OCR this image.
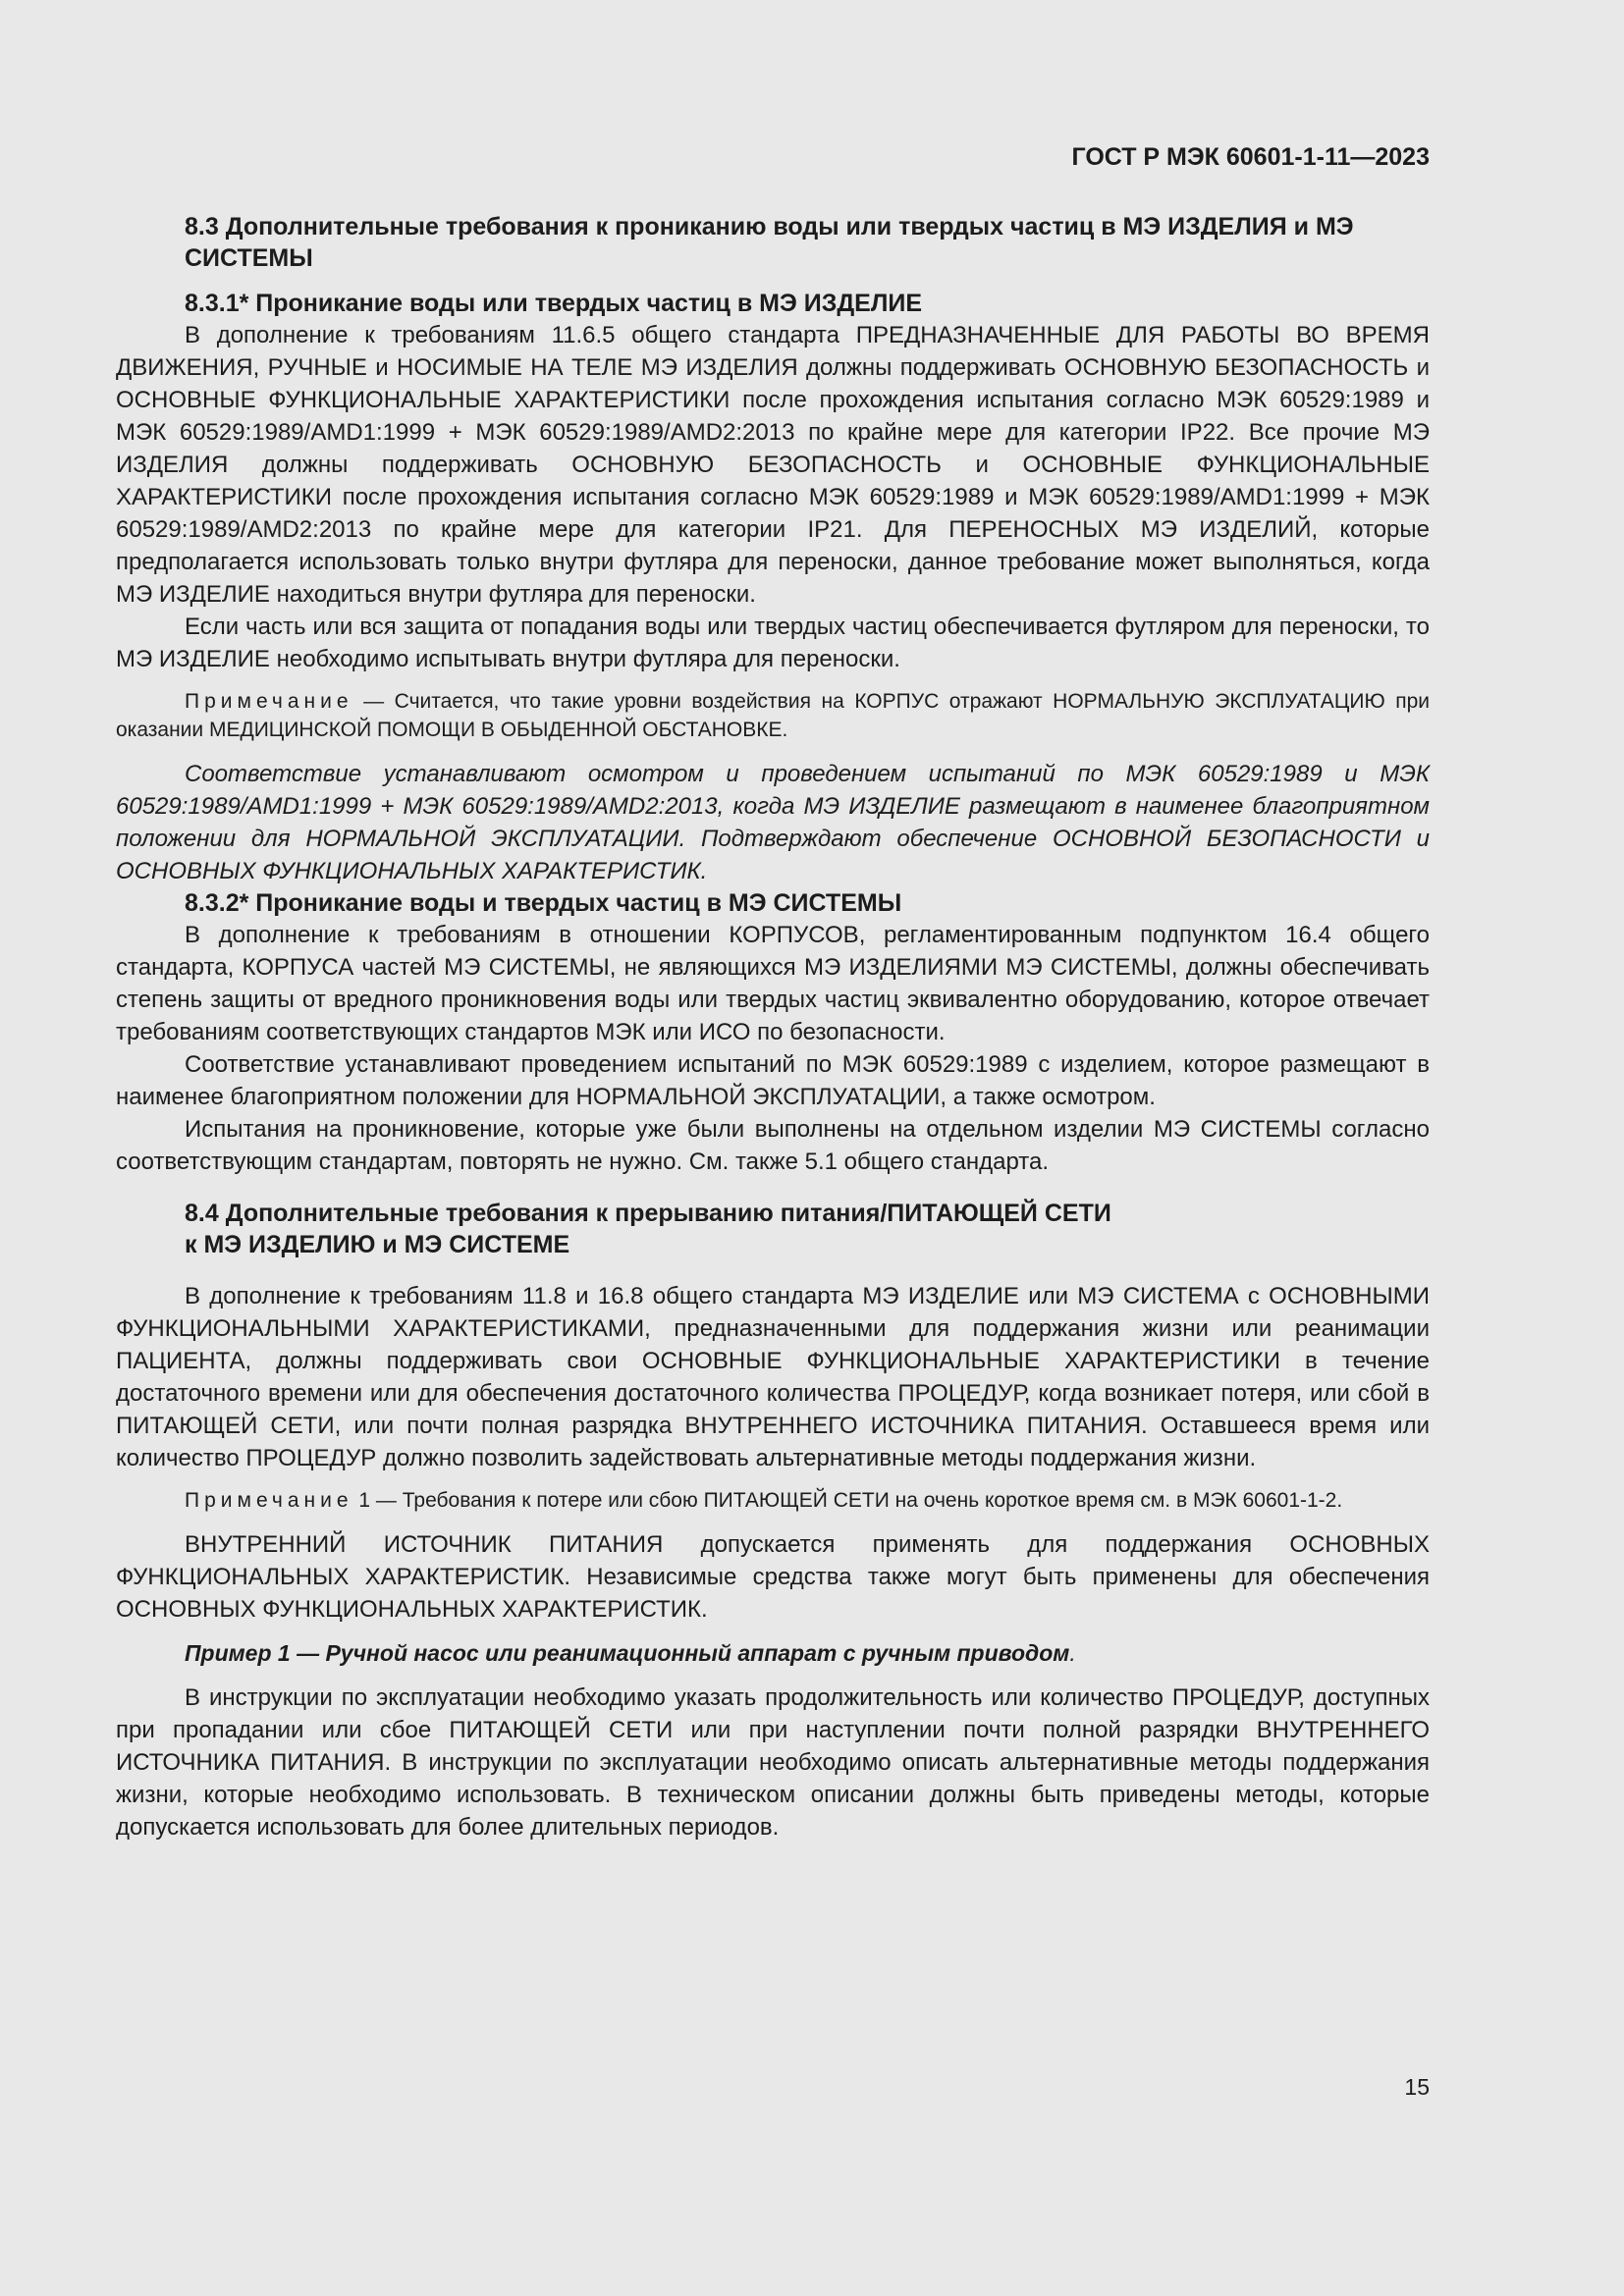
ГОСТ Р МЭК 60601-1-11—2023
8.3 Дополнительные требования к прониканию воды или твердых частиц в МЭ ИЗДЕЛИЯ и МЭ СИСТЕМЫ
8.3.1* Проникание воды или твердых частиц в МЭ ИЗДЕЛИЕ

В дополнение к требованиям 11.6.5 общего стандарта ПРЕДНАЗНАЧЕННЫЕ ДЛЯ РАБОТЫ ВО ВРЕМЯ ДВИЖЕНИЯ, РУЧНЫЕ и НОСИМЫЕ НА ТЕЛЕ МЭ ИЗДЕЛИЯ должны поддерживать ОСНОВНУЮ БЕЗОПАСНОСТЬ и ОСНОВНЫЕ ФУНКЦИОНАЛЬНЫЕ ХАРАКТЕРИСТИКИ после прохождения испытания согласно МЭК 60529:1989 и МЭК 60529:1989/AMD1:1999 + МЭК 60529:1989/AMD2:2013 по крайне мере для категории IP22. Все прочие МЭ ИЗДЕЛИЯ должны поддерживать ОСНОВНУЮ БЕЗОПАСНОСТЬ и ОСНОВНЫЕ ФУНКЦИОНАЛЬНЫЕ ХАРАКТЕРИСТИКИ после прохождения испытания согласно МЭК 60529:1989 и МЭК 60529:1989/AMD1:1999 + МЭК 60529:1989/AMD2:2013 по крайне мере для категории IP21. Для ПЕРЕНОСНЫХ МЭ ИЗДЕЛИЙ, которые предполагается использовать только внутри футляра для переноски, данное требование может выполняться, когда МЭ ИЗДЕЛИЕ находиться внутри футляра для переноски.

Если часть или вся защита от попадания воды или твердых частиц обеспечивается футляром для переноски, то МЭ ИЗДЕЛИЕ необходимо испытывать внутри футляра для переноски.

Примечание — Считается, что такие уровни воздействия на КОРПУС отражают НОРМАЛЬНУЮ ЭКСПЛУАТАЦИЮ при оказании МЕДИЦИНСКОЙ ПОМОЩИ В ОБЫДЕННОЙ ОБСТАНОВКЕ.

Соответствие устанавливают осмотром и проведением испытаний по МЭК 60529:1989 и МЭК 60529:1989/AMD1:1999 + МЭК 60529:1989/AMD2:2013, когда МЭ ИЗДЕЛИЕ размещают в наименее благоприятном положении для НОРМАЛЬНОЙ ЭКСПЛУАТАЦИИ. Подтверждают обеспечение ОСНОВНОЙ БЕЗОПАСНОСТИ и ОСНОВНЫХ ФУНКЦИОНАЛЬНЫХ ХАРАКТЕРИСТИК.

8.3.2* Проникание воды и твердых частиц в МЭ СИСТЕМЫ

В дополнение к требованиям в отношении КОРПУСОВ, регламентированным подпунктом 16.4 общего стандарта, КОРПУСА частей МЭ СИСТЕМЫ, не являющихся МЭ ИЗДЕЛИЯМИ МЭ СИСТЕМЫ, должны обеспечивать степень защиты от вредного проникновения воды или твердых частиц эквивалентно оборудованию, которое отвечает требованиям соответствующих стандартов МЭК или ИСО по безопасности.

Соответствие устанавливают проведением испытаний по МЭК 60529:1989 с изделием, которое размещают в наименее благоприятном положении для НОРМАЛЬНОЙ ЭКСПЛУАТАЦИИ, а также осмотром.

Испытания на проникновение, которые уже были выполнены на отдельном изделии МЭ СИСТЕМЫ согласно соответствующим стандартам, повторять не нужно. См. также 5.1 общего стандарта.

8.4 Дополнительные требования к прерыванию питания/ПИТАЮЩЕЙ СЕТИ
к МЭ ИЗДЕЛИЮ и МЭ СИСТЕМЕ

В дополнение к требованиям 11.8 и 16.8 общего стандарта МЭ ИЗДЕЛИЕ или МЭ СИСТЕМА с ОСНОВНЫМИ ФУНКЦИОНАЛЬНЫМИ ХАРАКТЕРИСТИКАМИ, предназначенными для поддержания жизни или реанимации ПАЦИЕНТА, должны поддерживать свои ОСНОВНЫЕ ФУНКЦИОНАЛЬНЫЕ ХАРАКТЕРИСТИКИ в течение достаточного времени или для обеспечения достаточного количества ПРОЦЕДУР, когда возникает потеря, или сбой в ПИТАЮЩЕЙ СЕТИ, или почти полная разрядка ВНУТРЕННЕГО ИСТОЧНИКА ПИТАНИЯ. Оставшееся время или количество ПРОЦЕДУР должно позволить задействовать альтернативные методы поддержания жизни.

Примечание 1 — Требования к потере или сбою ПИТАЮЩЕЙ СЕТИ на очень короткое время см. в МЭК 60601-1-2.

ВНУТРЕННИЙ ИСТОЧНИК ПИТАНИЯ допускается применять для поддержания ОСНОВНЫХ ФУНКЦИОНАЛЬНЫХ ХАРАКТЕРИСТИК. Независимые средства также могут быть применены для обеспечения ОСНОВНЫХ ФУНКЦИОНАЛЬНЫХ ХАРАКТЕРИСТИК.

Пример 1 — Ручной насос или реанимационный аппарат с ручным приводом.

В инструкции по эксплуатации необходимо указать продолжительность или количество ПРОЦЕДУР, доступных при пропадании или сбое ПИТАЮЩЕЙ СЕТИ или при наступлении почти полной разрядки ВНУТРЕННЕГО ИСТОЧНИКА ПИТАНИЯ. В инструкции по эксплуатации необходимо описать альтернативные методы поддержания жизни, которые необходимо использовать. В техническом описании должны быть приведены методы, которые допускается использовать для более длительных периодов.

15
